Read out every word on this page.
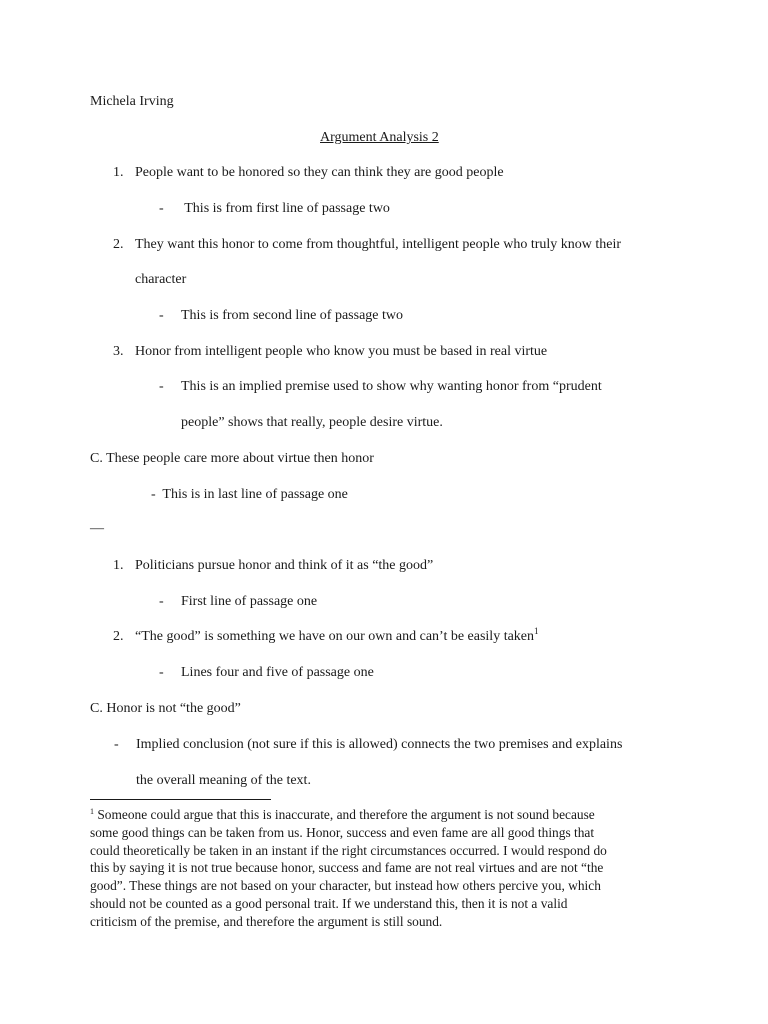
Michela Irving
Argument Analysis 2
1. People want to be honored so they can think they are good people
- This is from first line of passage two
2. They want this honor to come from thoughtful, intelligent people who truly know their
character
- This is from second line of passage two
3. Honor from intelligent people who know you must be based in real virtue
- This is an implied premise used to show why wanting honor from “prudent
people” shows that really, people desire virtue.
C. These people care more about virtue then honor
-  This is in last line of passage one
—
1. Politicians pursue honor and think of it as “the good”
- First line of passage one
2. “The good” is something we have on our own and can’t be easily taken$^1$
- Lines four and five of passage one
C. Honor is not “the good”
- Implied conclusion (not sure if this is allowed) connects the two premises and explains
the overall meaning of the text.
$^1$ Someone could argue that this is inaccurate, and therefore the argument is not sound because
some good things can be taken from us. Honor, success and even fame are all good things that
could theoretically be taken in an instant if the right circumstances occurred. I would respond do
this by saying it is not true because honor, success and fame are not real virtues and are not “the
good”. These things are not based on your character, but instead how others percive you, which
should not be counted as a good personal trait. If we understand this, then it is not a valid
criticism of the premise, and therefore the argument is still sound.
